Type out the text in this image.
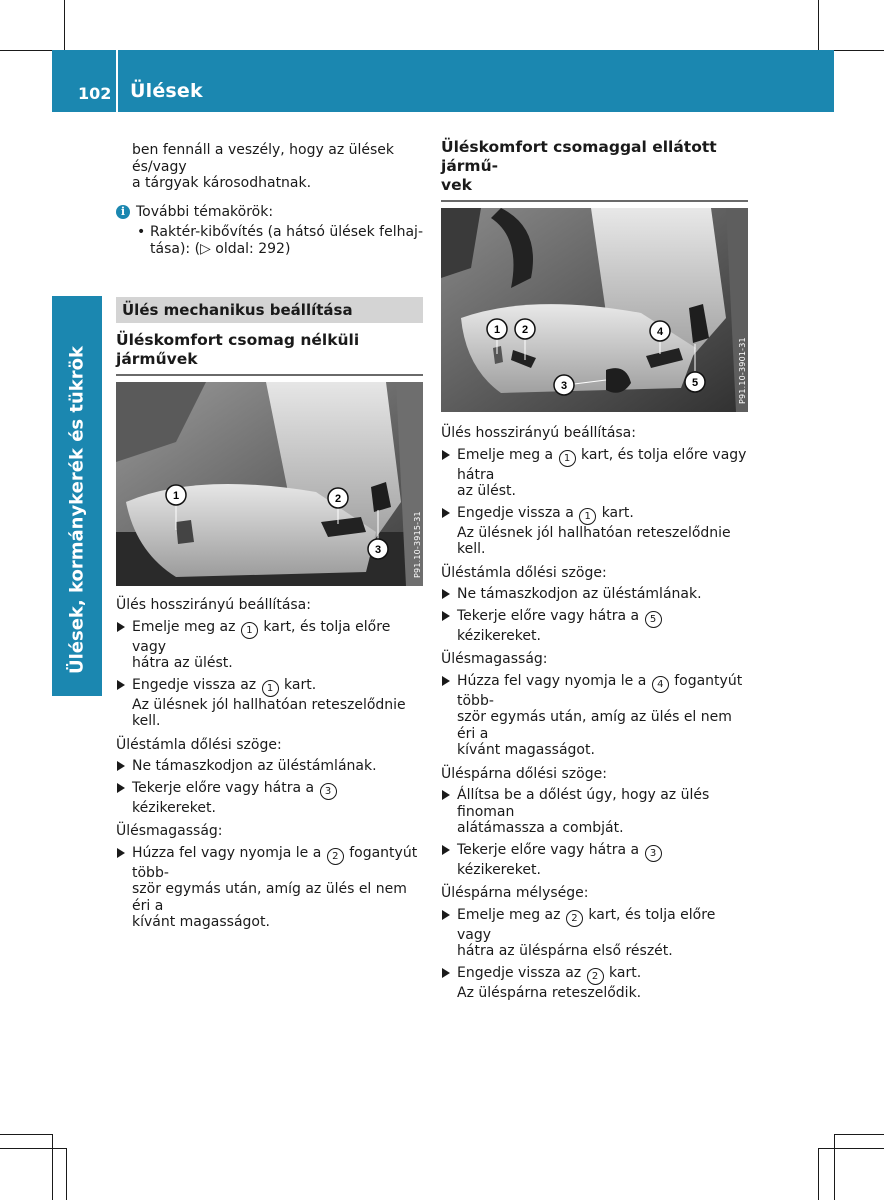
102 Ülések
Ülések, kormánykerék és tükrök

ben fennáll a veszély, hogy az ülések és/vagy
a tárgyak károsodhatnak.

i További témakörök:
• Raktér-kibővítés (a hátsó ülések felhaj-
tása): (▷ oldal: 292)
Ülés mechanikus beállítása
Üléskomfort csomag nélküli járművek
1	2
3	P91.10-3915-31

Ülés hosszirányú beállítása:

Emelje meg az 1 kart, és tolja előre vagy
hátra az ülést.
Engedje vissza az 1 kart.
Az ülésnek jól hallhatóan reteszelődnie kell.

Üléstámla dőlési szöge:

Ne támaszkodjon az üléstámlának.
Tekerje előre vagy hátra a 3 kézikereket.

Ülésmagasság:

Húzza fel vagy nyomja le a 2 fogantyút több-
ször egymás után, amíg az ülés el nem éri a
kívánt magasságot.
Üléskomfort csomaggal ellátott jármű-
vek
1 2
3
4
5	P91.10-3901-31

Ülés hosszirányú beállítása:

Emelje meg a 1 kart, és tolja előre vagy hátra
az ülést.
Engedje vissza a 1 kart.
Az ülésnek jól hallhatóan reteszelődnie kell.

Üléstámla dőlési szöge:

Ne támaszkodjon az üléstámlának.
Tekerje előre vagy hátra a 5 kézikereket.

Ülésmagasság:

Húzza fel vagy nyomja le a 4 fogantyút több-
ször egymás után, amíg az ülés el nem éri a
kívánt magasságot.

Üléspárna dőlési szöge:

Állítsa be a dőlést úgy, hogy az ülés finoman
alátámassza a combját.
Tekerje előre vagy hátra a 3 kézikereket.

Üléspárna mélysége:

Emelje meg az 2 kart, és tolja előre vagy
hátra az üléspárna első részét.
Engedje vissza az 2 kart.
Az üléspárna reteszelődik.
